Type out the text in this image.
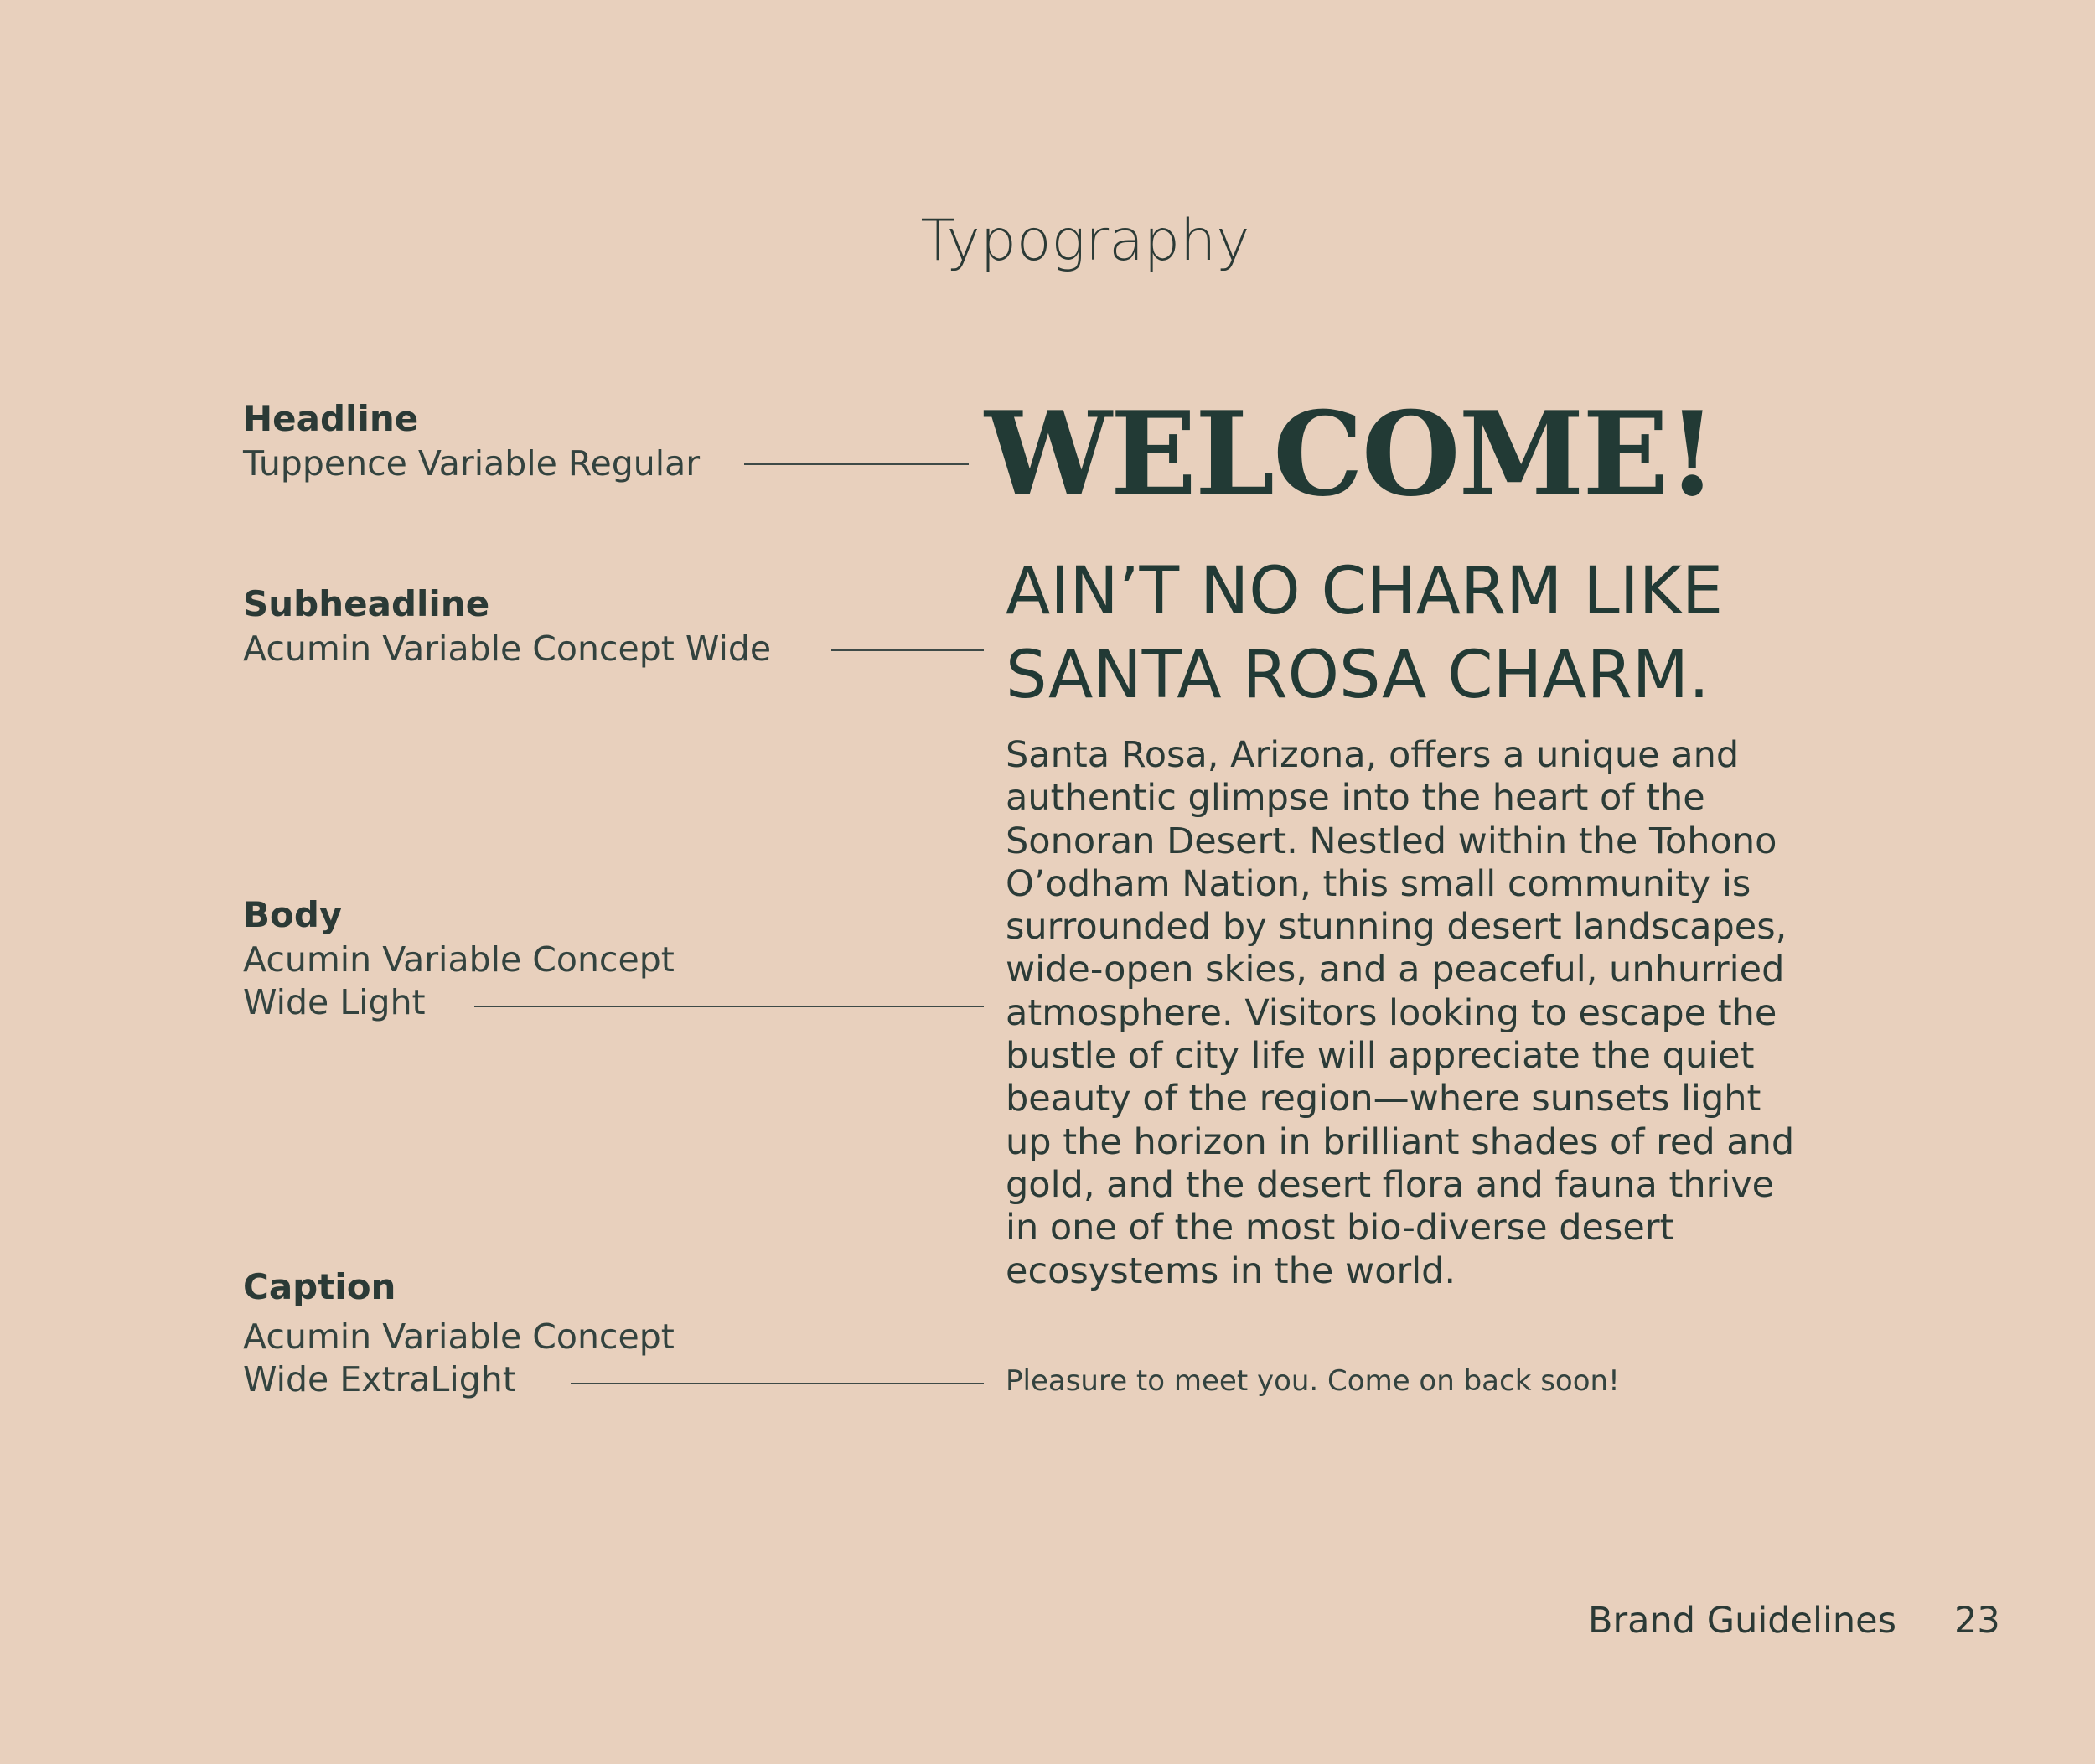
Typography
Headline
Tuppence Variable Regular
Subheadline
Acumin Variable Concept Wide
Body
Acumin Variable Concept
Wide Light
Caption
Acumin Variable Concept
Wide ExtraLight
WELCOME!
AIN’T NO CHARM LIKE
SANTA ROSA CHARM.

Santa Rosa, Arizona, offers a unique and authentic glimpse into the heart of the Sonoran Desert. Nestled within the Tohono O’odham Nation, this small community is surrounded by stunning desert landscapes, wide-open skies, and a peaceful, unhurried atmosphere. Visitors looking to escape the bustle of city life will appreciate the quiet beauty of the region—where sunsets light up the horizon in brilliant shades of red and gold, and the desert flora and fauna thrive in one of the most bio-diverse desert ecosystems in the world.

Pleasure to meet you. Come on back soon!
Brand Guidelines 23
